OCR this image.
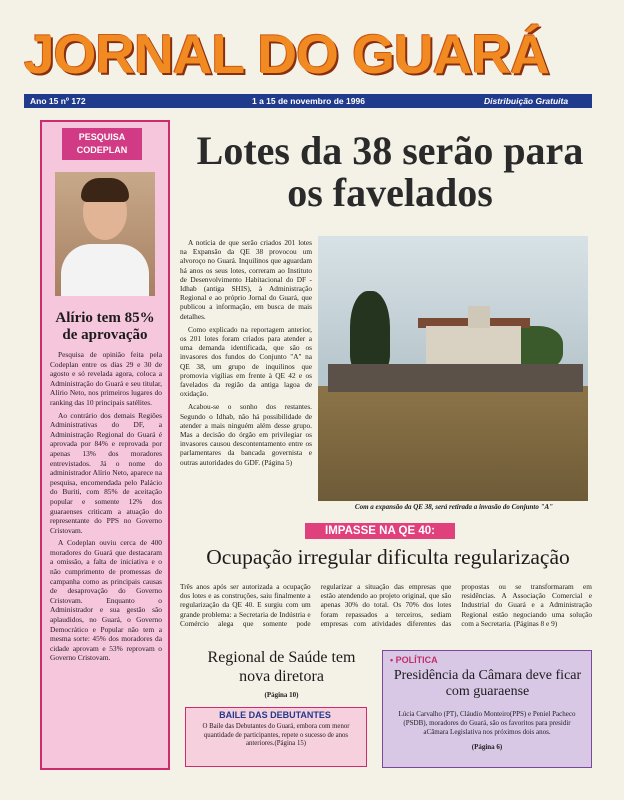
JORNAL DO GUARÁ
Ano 15 nº 172	1 a 15 de novembro de 1996	Distribuição Gratuita
PESQUISA CODEPLAN
Alírio tem 85% de aprovação

Pesquisa de opinião feita pela Codeplan entre os dias 29 e 30 de agosto e só revelada agora, coloca a Administração do Guará e seu titular, Alírio Neto, nos primeiros lugares do ranking das 10 principais satélites.

Ao contrário dos demais Regiões Administrativas do DF, a Administração Regional do Guará é aprovada por 84% e reprovada por apenas 13% dos moradores entrevistados. Já o nome do administrador Alírio Neto, aparece na pesquisa, encomendada pelo Palácio do Buriti, com 85% de aceitação popular e somente 12% dos guaraenses criticam a atuação do representante do PPS no Governo Cristovam.

A Codeplan ouviu cerca de 400 moradores do Guará que destacaram a omissão, a falta de iniciativa e o não cumprimento de promessas de campanha como as principais causas de desaprovação do Governo Cristovam. Enquanto o Administrador e sua gestão são aplaudidos, no Guará, o Governo Democrático e Popular não tem a mesma sorte: 45% dos moradores da cidade aprovam e 53% reprovam o Governo Cristovam.

Lotes da 38 serão para os favelados

A notícia de que serão criados 201 lotes na Expansão da QE 38 provocou um alvoroço no Guará. Inquilinos que aguardam há anos os seus lotes, correram ao Instituto de Desenvolvimento Habitacional do DF - Idhab (antiga SHIS), à Administração Regional e ao próprio Jornal do Guará, que publicou a informação, em busca de mais detalhes.

Como explicado na reportagem anterior, os 201 lotes foram criados para atender a uma demanda identificada, que são os invasores dos fundos do Conjunto "A" na QE 38, um grupo de inquilinos que promovia vigílias em frente à QE 42 e os favelados da região da antiga lagoa de oxidação.

Acabou-se o sonho dos restantes. Segundo o Idhab, não há possibilidade de atender a mais ninguém além desse grupo. Mas a decisão do órgão em privilegiar os invasores causou descontentamento entre os parlamentares da bancada governista e outras autoridades do GDF. (Página 5)

Com a expansão da QE 38, será retirada a invasão do Conjunto "A"
IMPASSE NA QE 40:
Ocupação irregular dificulta regularização
Três anos após ser autorizada a ocupação dos lotes e as construções, saiu finalmente a regularização da QE 40. E surgiu com um grande problema: a Secretaria de Indústria e Comércio alega que somente pode regularizar a situação das empresas que estão atendendo ao projeto original, que são apenas 30% do total. Os 70% dos lotes foram repassados a terceiros, sediam empresas com atividades diferentes das propostas ou se transformaram em residências. A Associação Comercial e Industrial do Guará e a Administração Regional estão negociando uma solução com a Secretaria. (Páginas 8 e 9)
Regional de Saúde tem nova diretora
(Página 10)
BAILE DAS DEBUTANTES
O Baile das Debutantes do Guará, embora com menor quantidade de participantes, repete o sucesso de anos anteriores.(Página 15)
• POLÍTICA
Presidência da Câmara deve ficar com guaraense
Lúcia Carvalho (PT), Cláudio Monteiro(PPS) e Peniel Pacheco (PSDB), moradores do Guará, são os favoritos para presidir aCâmara Legislativa nos próximos dois anos.
(Página 6)
